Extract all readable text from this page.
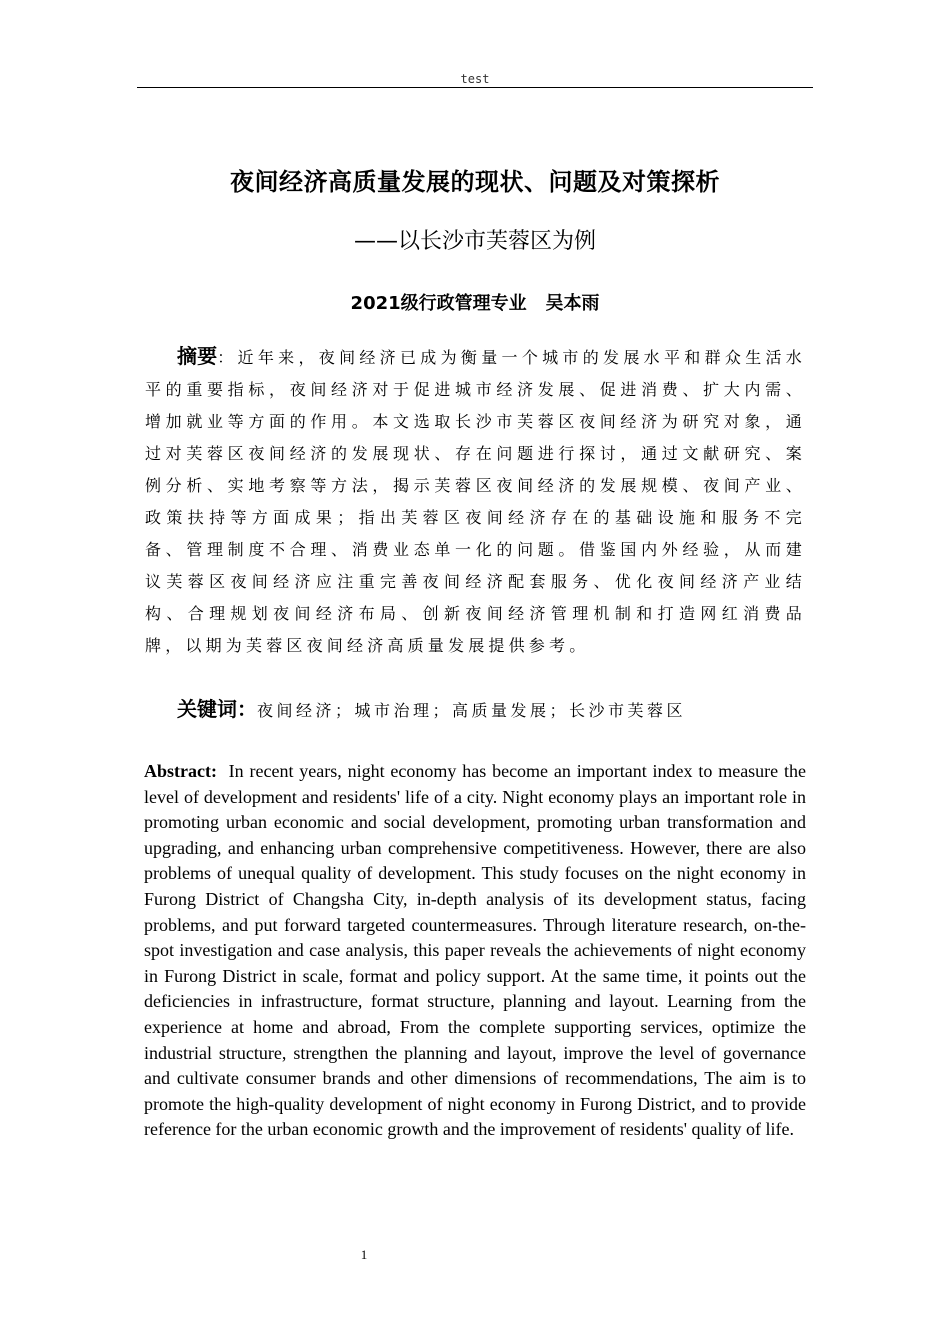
test
夜间经济高质量发展的现状、问题及对策探析
——以长沙市芙蓉区为例
2021级行政管理专业   吴本雨
摘要：近年来，夜间经济已成为衡量一个城市的发展水平和群众生活水平的重要指标，夜间经济对于促进城市经济发展、促进消费、扩大内需、增加就业等方面的作用。本文选取长沙市芙蓉区夜间经济为研究对象，通过对芙蓉区夜间经济的发展现状、存在问题进行探讨，通过文献研究、案例分析、实地考察等方法，揭示芙蓉区夜间经济的发展规模、夜间产业、政策扶持等方面成果；指出芙蓉区夜间经济存在的基础设施和服务不完备、管理制度不合理、消费业态单一化的问题。借鉴国内外经验，从而建议芙蓉区夜间经济应注重完善夜间经济配套服务、优化夜间经济产业结构、合理规划夜间经济布局、创新夜间经济管理机制和打造网红消费品牌，以期为芙蓉区夜间经济高质量发展提供参考。
关键词：夜间经济；城市治理；高质量发展；长沙市芙蓉区
Abstract: In recent years, night economy has become an important index to measure the level of development and residents' life of a city. Night economy plays an important role in promoting urban economic and social development, promoting urban transformation and upgrading, and enhancing urban comprehensive competitiveness. However, there are also problems of unequal quality of development. This study focuses on the night economy in Furong District of Changsha City, in-depth analysis of its development status, facing problems, and put forward targeted countermeasures. Through literature research, on-the-spot investigation and case analysis, this paper reveals the achievements of night economy in Furong District in scale, format and policy support. At the same time, it points out the deficiencies in infrastructure, format structure, planning and layout. Learning from the experience at home and abroad, From the complete supporting services, optimize the industrial structure, strengthen the planning and layout, improve the level of governance and cultivate consumer brands and other dimensions of recommendations, The aim is to promote the high-quality development of night economy in Furong District, and to provide reference for the urban economic growth and the improvement of residents' quality of life.
1
